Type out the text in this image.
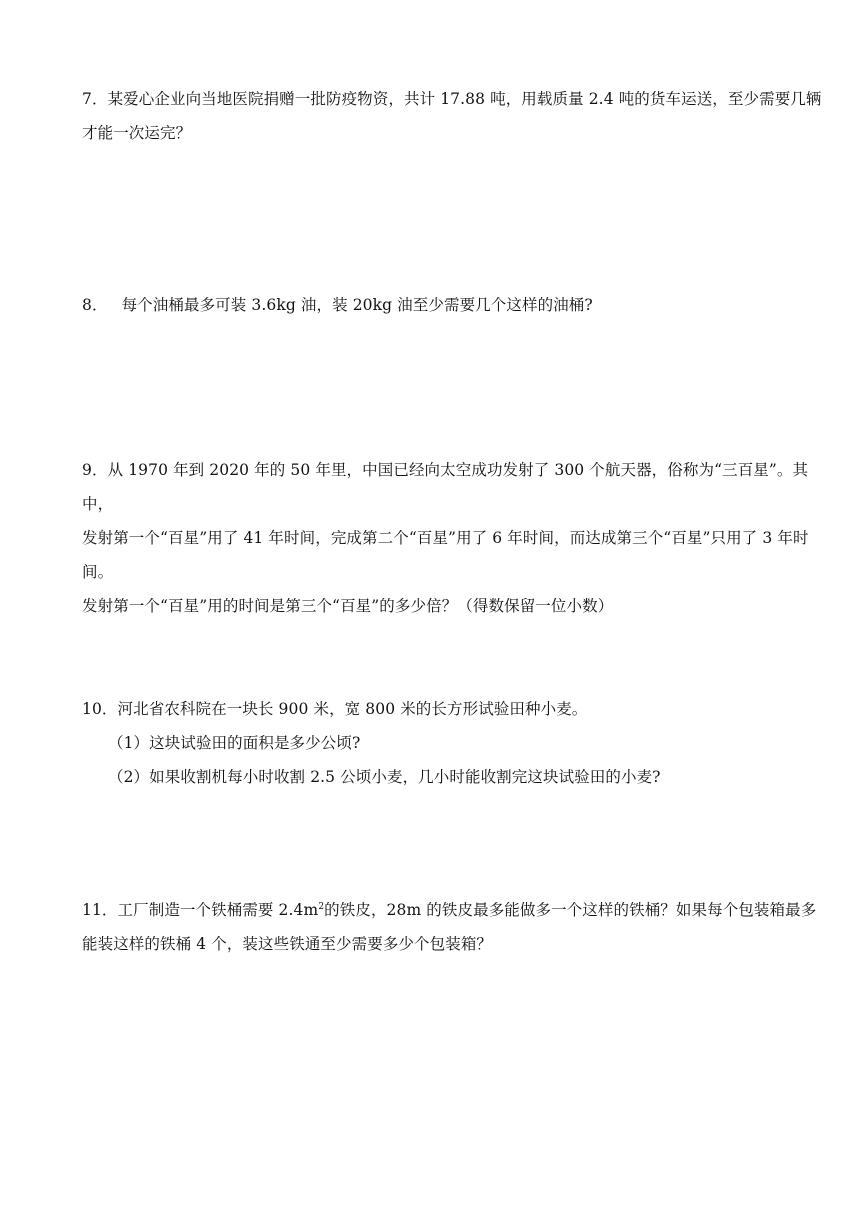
7．某爱心企业向当地医院捐赠一批防疫物资，共计 17.88 吨，用载质量 2.4 吨的货车运送，至少需要几辆
才能一次运完？
8． 每个油桶最多可装 3.6kg 油，装 20kg 油至少需要几个这样的油桶?
9．从 1970 年到 2020 年的 50 年里，中国已经向太空成功发射了 300 个航天器，俗称为“三百星”。其中，
发射第一个“百星”用了 41 年时间，完成第二个“百星”用了 6 年时间，而达成第三个“百星”只用了 3 年时间。
发射第一个“百星”用的时间是第三个“百星”的多少倍？（得数保留一位小数）
10．河北省农科院在一块长 900 米，宽 800 米的长方形试验田种小麦。
（1）这块试验田的面积是多少公顷?
（2）如果收割机每小时收割 2.5 公顷小麦，几小时能收割完这块试验田的小麦?
11．工厂制造一个铁桶需要 $2.4m^2$的铁皮，28m 的铁皮最多能做多一个这样的铁桶？如果每个包装箱最多
能装这样的铁桶 4 个，装这些铁通至少需要多少个包装箱？
